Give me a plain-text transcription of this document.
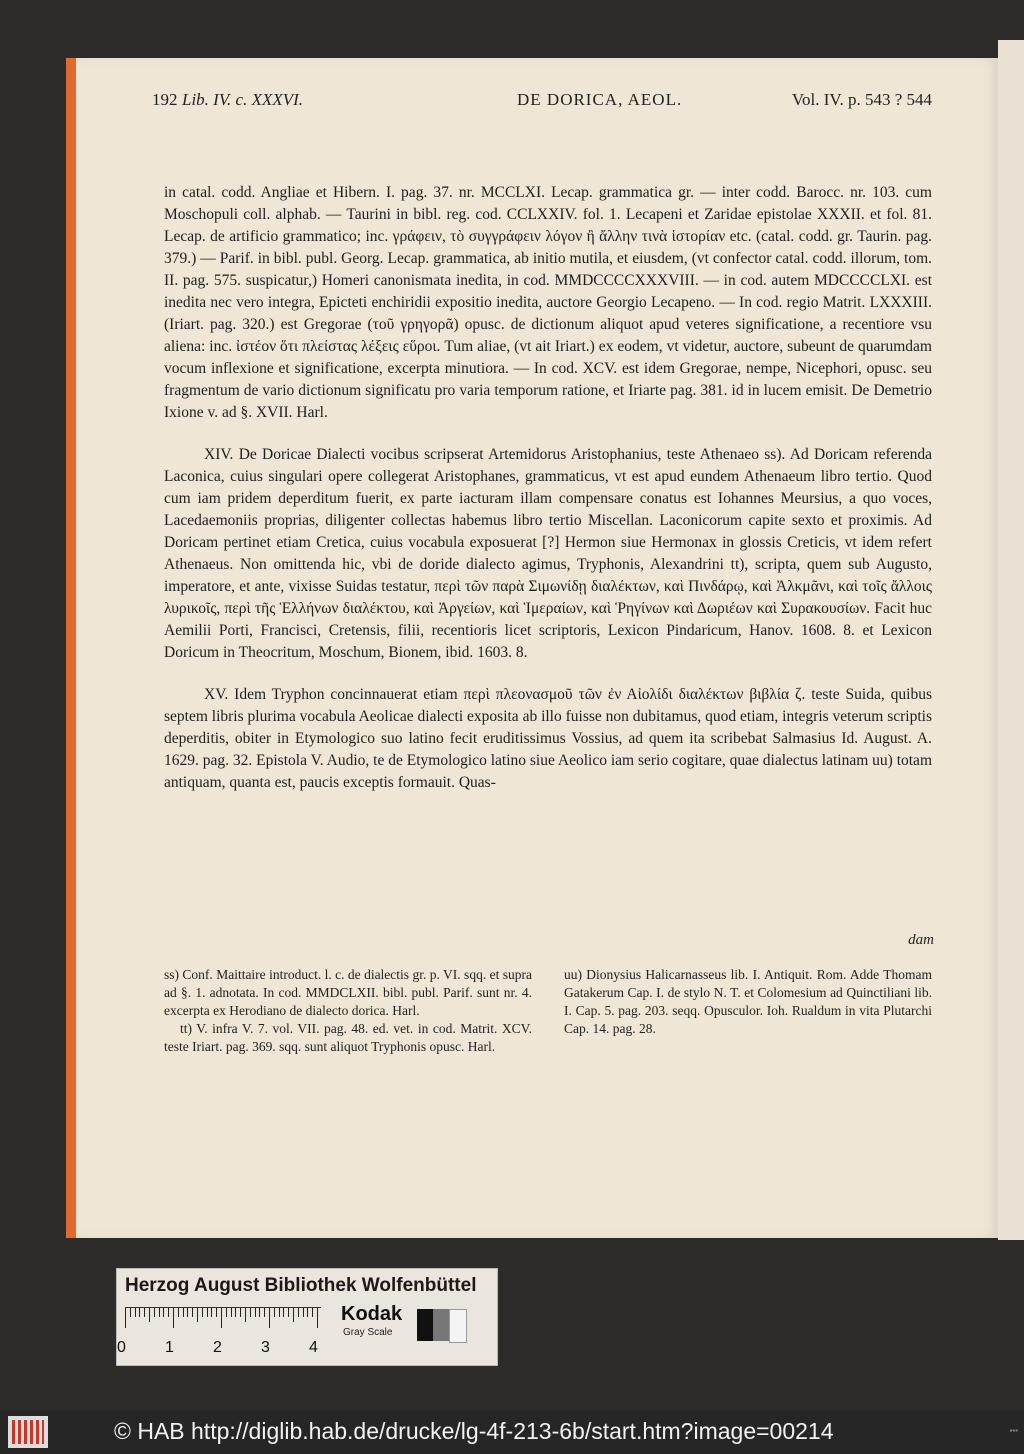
192 Lib. IV. c. XXXVI.	DE DORICA, AEOL.	Vol. IV. p. 543 ? 544

in catal. codd. Angliae et Hibern. I. pag. 37. nr. MCCLXI. Lecap. grammatica gr. — inter codd. Barocc. nr. 103. cum Moschopuli coll. alphab. — Taurini in bibl. reg. cod. CCLXXIV. fol. 1. Lecapeni et Zaridae epistolae XXXII. et fol. 81. Lecap. de artificio grammatico; inc. γράφειν, τὸ συγγράφειν λόγον ἢ ἄλλην τινὰ ἱστορίαν etc. (catal. codd. gr. Taurin. pag. 379.) — Parif. in bibl. publ. Georg. Lecap. grammatica, ab initio mutila, et eiusdem, (vt confector catal. codd. illorum, tom. II. pag. 575. suspicatur,) Homeri canonismata inedita, in cod. MMDCCCCXXXVIII. — in cod. autem MDCCCCLXI. est inedita nec vero integra, Epicteti enchiridii expositio inedita, auctore Georgio Lecapeno. — In cod. regio Matrit. LXXXIII. (Iriart. pag. 320.) est Gregorae (τοῦ γρηγορᾶ) opusc. de dictionum aliquot apud veteres significatione, a recentiore vsu aliena: inc. ἰστέον ὅτι πλείστας λέξεις εὕροι. Tum aliae, (vt ait Iriart.) ex eodem, vt videtur, auctore, subeunt de quarumdam vocum inflexione et significatione, excerpta minutiora. — In cod. XCV. est idem Gregorae, nempe, Nicephori, opusc. seu fragmentum de vario dictionum significatu pro varia temporum ratione, et Iriarte pag. 381. id in lucem emisit. De Demetrio Ixione v. ad §. XVII. Harl.

XIV. De Doricae Dialecti vocibus scripserat Artemidorus Aristophanius, teste Athenaeo ss). Ad Doricam referenda Laconica, cuius singulari opere collegerat Aristophanes, grammaticus, vt est apud eundem Athenaeum libro tertio. Quod cum iam pridem deperditum fuerit, ex parte iacturam illam compensare conatus est Iohannes Meursius, a quo voces, Lacedaemoniis proprias, diligenter collectas habemus libro tertio Miscellan. Laconicorum capite sexto et proximis. Ad Doricam pertinet etiam Cretica, cuius vocabula exposuerat [?] Hermon siue Hermonax in glossis Creticis, vt idem refert Athenaeus. Non omittenda hic, vbi de doride dialecto agimus, Tryphonis, Alexandrini tt), scripta, quem sub Augusto, imperatore, et ante, vixisse Suidas testatur, περὶ τῶν παρὰ Σιμωνίδῃ διαλέκτων, καὶ Πινδάρῳ, καὶ Ἀλκμᾶνι, καὶ τοῖς ἄλλοις λυρικοῖς, περὶ τῆς Ἑλλήνων διαλέκτου, καὶ Ἀργείων, καὶ Ἱμεραίων, καὶ Ῥηγίνων καὶ Δωριέων καὶ Συρακουσίων. Facit huc Aemilii Porti, Francisci, Cretensis, filii, recentioris licet scriptoris, Lexicon Pindaricum, Hanov. 1608. 8. et Lexicon Doricum in Theocritum, Moschum, Bionem, ibid. 1603. 8.

XV. Idem Tryphon concinnauerat etiam περὶ πλεονασμοῦ τῶν ἐν Αἰολίδι διαλέκτων βιβλία ζ. teste Suida, quibus septem libris plurima vocabula Aeolicae dialecti exposita ab illo fuisse non dubitamus, quod etiam, integris veterum scriptis deperditis, obiter in Etymologico suo latino fecit eruditissimus Vossius, ad quem ita scribebat Salmasius Id. August. A. 1629. pag. 32. Epistola V. Audio, te de Etymologico latino siue Aeolico iam serio cogitare, quae dialectus latinam uu) totam antiquam, quanta est, paucis exceptis formauit. Quas-

dam

ss) Conf. Maittaire introduct. l. c. de dialectis gr. p. VI. sqq. et supra ad §. 1. adnotata. In cod. MMDCLXII. bibl. publ. Parif. sunt nr. 4. excerpta ex Herodiano de dialecto dorica. Harl.

tt) V. infra V. 7. vol. VII. pag. 48. ed. vet. in cod. Matrit. XCV. teste Iriart. pag. 369. sqq. sunt aliquot Tryphonis opusc. Harl.

uu) Dionysius Halicarnasseus lib. I. Antiquit. Rom. Adde Thomam Gatakerum Cap. I. de stylo N. T. et Colomesium ad Quinctiliani lib. I. Cap. 5. pag. 203. seqq. Opusculor. Ioh. Rualdum in vita Plutarchi Cap. 14. pag. 28.

Herzog August Bibliothek Wolfenbüttel
0 1 2 3 4
Kodak
Gray Scale
© HAB http://diglib.hab.de/drucke/lg-4f-213-6b/start.htm?image=00214	▪▪▪
